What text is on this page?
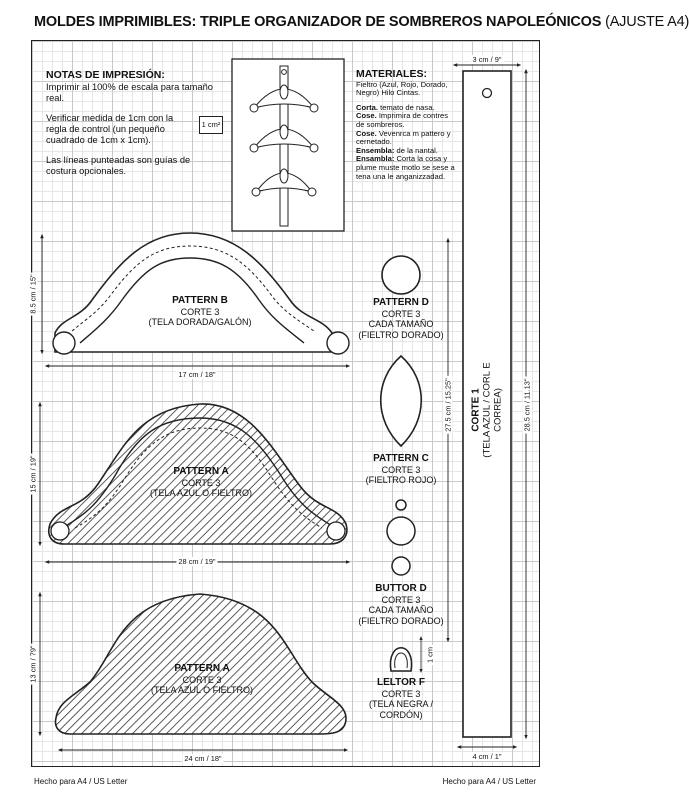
MOLDES IMPRIMIBLES: TRIPLE ORGANIZADOR DE SOMBREROS NAPOLEÓNICOS (AJUSTE A4)
NOTAS DE IMPRESIÓN:

Imprimir al 100% de escala para tamaño real.

Verificar medida de 1cm con la regla de control (un pequeño cuadrado de 1cm x 1cm).

Las líneas punteadas son guías de costura opcionales.

1 cm²
MATERIALES:

Fieltro (Azul, Rojo, Dorado, Negro) Hilo Cintas.

Corta. temato de nasa.
Cose. Imprimira de contres de sombreros.
Cose. Vevenrca m pattero y cernetado.
Ensembla: de la nantal.
Ensambla: Corta la cosa y plume muste motlo se sese a tena una le anganizzadad.
PATTERN B
CORTE 3
(TELA DORADA/GALÓN)
17 cm / 18"
8.5 cm / 15"
PATTERN A
CORTE 3
(TELA AZUL O FIELTRO)
28 cm / 19"
15 cm / 19"
PATTERN A
CORTE 3
(TELA AZUL O FIELTRO)
24 cm / 18"
13 cm / 79"
PATTERN D
CORTE 3
CADA TAMAÑO
(FIELTRO DORADO)
PATTERN C
CORTE 3
(FIELTRO ROJO)
BUTTOR D
CORTE 3
CADA TAMAÑO
(FIELTRO DORADO)
1 cm
LELTOR F
CORTE 3
(TELA NEGRA /
CORDÓN)
3 cm / 9"
4 cm / 1"
27.5 cm / 15.25"	28.5 cm / 11.13"
CORTE 1 (TELA AZUL / CORL E
CORREA)
Hecho para A4 / US Letter	Hecho para A4 / US Letter
